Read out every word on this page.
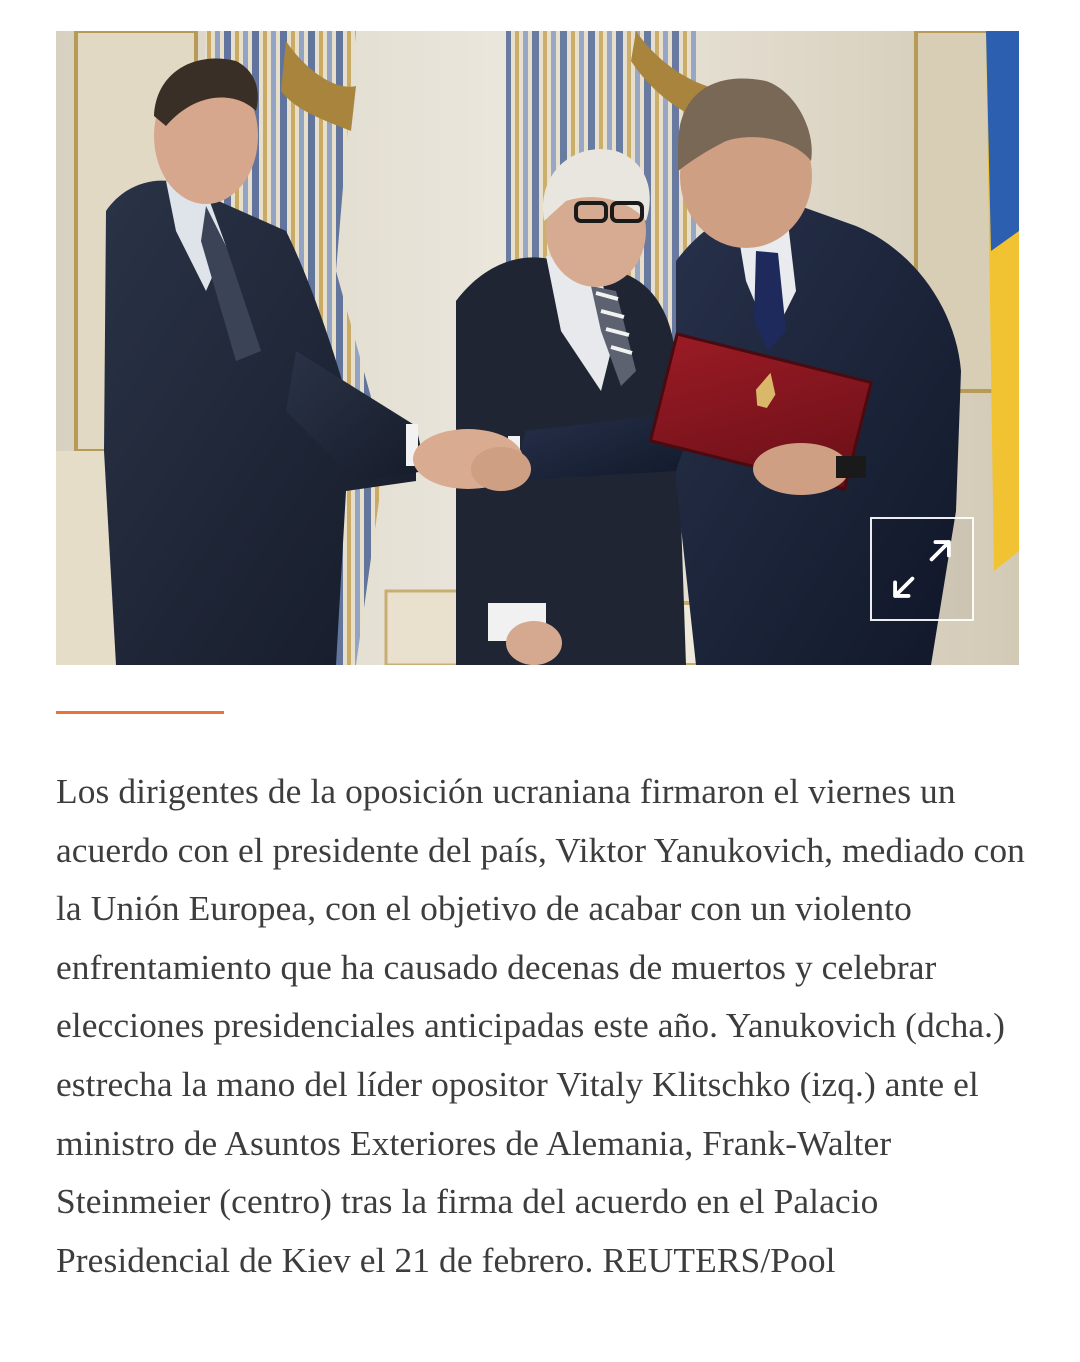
Los dirigentes de la oposición ucraniana firmaron el viernes un acuerdo con el presidente del país, Viktor Yanukovich, mediado con la Unión Europea, con el objetivo de acabar con un violento enfrentamiento que ha causado decenas de muertos y celebrar elecciones presidenciales anticipadas este año. Yanukovich (dcha.) estrecha la mano del líder opositor Vitaly Klitschko (izq.) ante el ministro de Asuntos Exteriores de Alemania, Frank-Walter Steinmeier (centro) tras la firma del acuerdo en el Palacio Presidencial de Kiev el 21 de febrero. REUTERS/Pool
